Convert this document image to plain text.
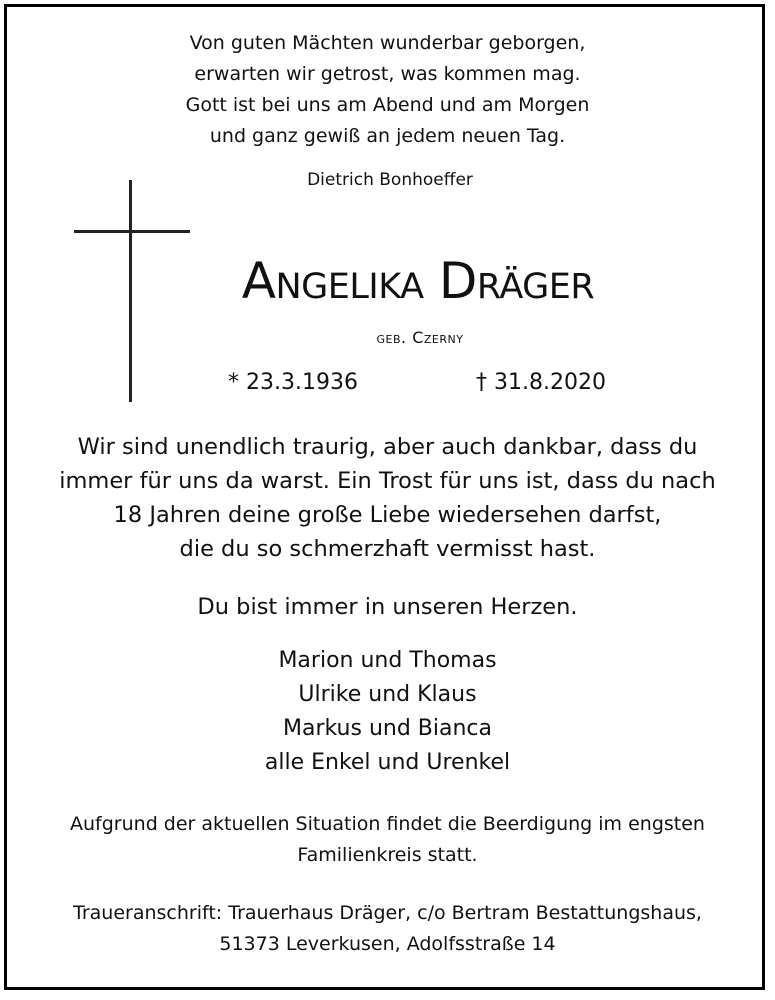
Von guten Mächten wunderbar geborgen,
erwarten wir getrost, was kommen mag.
Gott ist bei uns am Abend und am Morgen
und ganz gewiß an jedem neuen Tag.
Dietrich Bonhoeffer
Angelika Dräger
geb. Czerny
* 23.3.1936	† 31.8.2020
Wir sind unendlich traurig, aber auch dankbar, dass du
immer für uns da warst. Ein Trost für uns ist, dass du nach
18 Jahren deine große Liebe wiedersehen darfst,
die du so schmerzhaft vermisst hast.
Du bist immer in unseren Herzen.
Marion und Thomas
Ulrike und Klaus
Markus und Bianca
alle Enkel und Urenkel
Aufgrund der aktuellen Situation findet die Beerdigung im engsten
Familienkreis statt.
Traueranschrift: Trauerhaus Dräger, c/o Bertram Bestattungshaus,
51373 Leverkusen, Adolfsstraße 14
